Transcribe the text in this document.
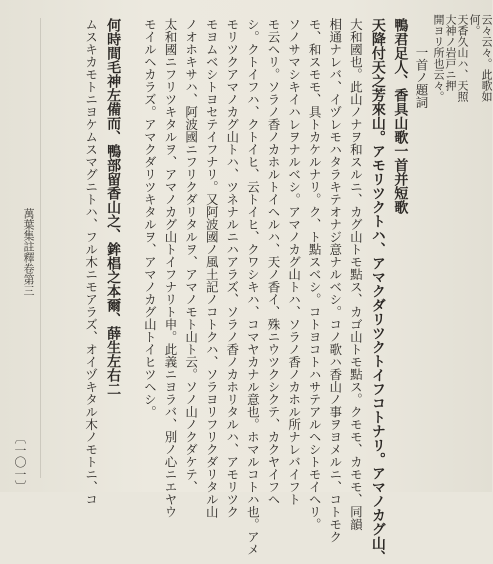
云々云々。此歌如
何。
天香久山ハ、天照
大神ノ岩戸ニ押
開ヨリ所也云々。
一首ノ題詞
鴨君足人、香具山歌一首并短歌
天降付天之芳來山。アモリツクトハ、アマクダリツクトイフコトナリ。アマノカグ山、
大和國也。此山ノナヲ和スルニ、カグ山トモ點ス、カゴ山トモ點ス。クモモ、カモモ、同韻
相通ナレバ、イヅレモハタラキテオナジ意ナルベシ。コノ歌ハ香山ノ事ヲヨメルニ、コトモク
モ、和スモモ、具トカケルナリ。ク、ト點スベシ。コトヨコトハサテアルヘシトモイヘリ。
ソノサマシキイハレヲナルベシ。アマノカグ山トハ、ソラノ香ノカホル所ナレバイフト
モ云ヘリ。ソラノ香ノカホルトイヘルハ、天ノ香イ、殊ニウツクシクテ、カクヤイフヘ
シ。クトイフハ、クトイヒ、云トイヒ、クワシキハ、コマヤカナル意也。ホマルコトハ也。アメ
モリツクアマノカグ山トハ、ツネナルニハアラズ、ソラノ香ノカホリタルハ、アモリツク
モヨムベシトヨセテイフナリ。又阿波國ノ風土記ノコトクハ、ソラヨリフリクダリタル山
ノオホキサハ、阿波國ニフリクダリタルヲ、アマノモト山ト云。ソノ山ノクダケテ、
太和國ニフリツキタルヲ、アマノカグ山トイフナリト申。此義ニヨラバ、別ノ心ニエヤウ
モイルヘカラズ。アマクダリツキタルヲ、アマノカグ山トイヒツヘシ。
何時間毛神左備而、鴨部留香山之、鉾椙之本爾、薛生左右二
ムスキカモトニヨケムスマグニトハ、フル木ニモアラズ、オイヅキタル木ノモトニ、コ
萬葉集註釋卷第三
〔一〇一〕
